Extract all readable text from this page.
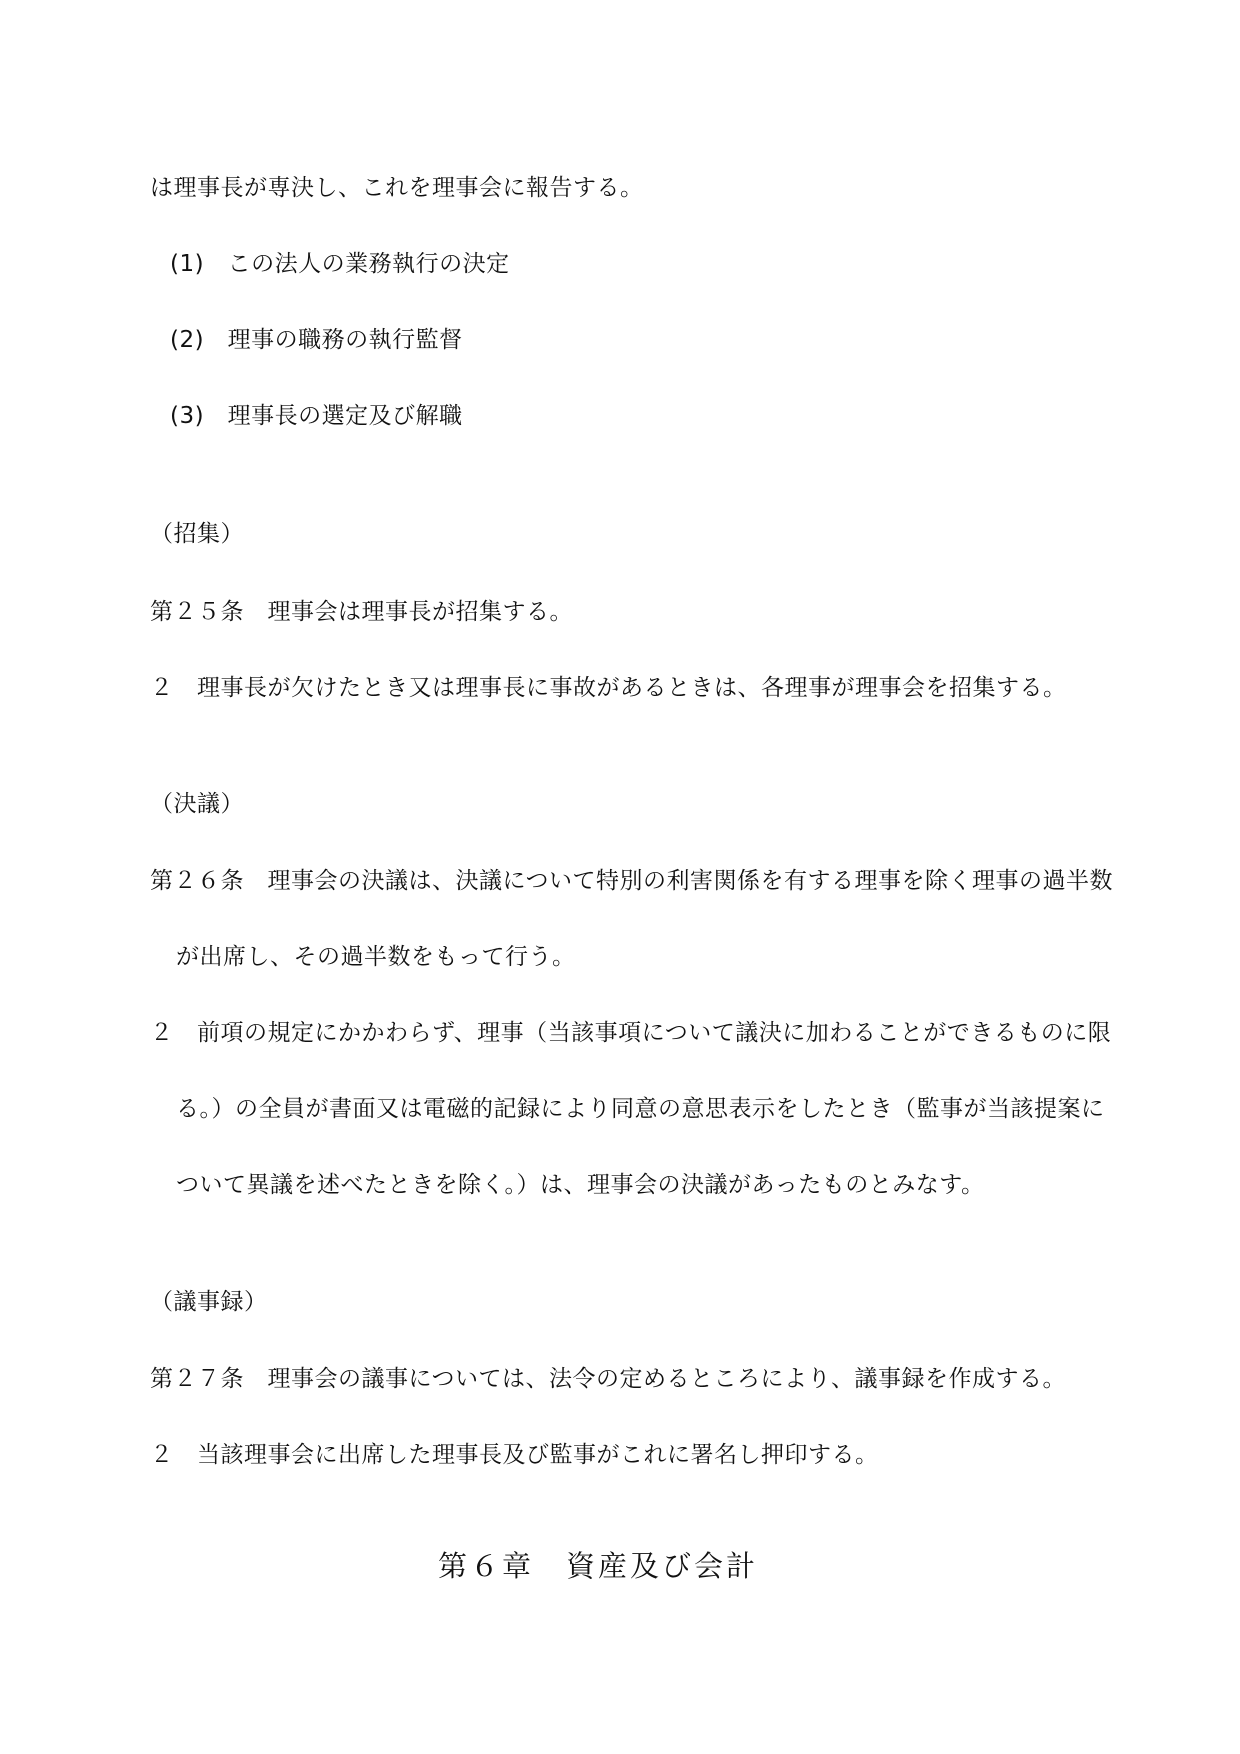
は理事長が専決し、これを理事会に報告する。
(1)　この法人の業務執行の決定
(2)　理事の職務の執行監督
(3)　理事長の選定及び解職
（招集）
第２５条　理事会は理事長が招集する。
２　理事長が欠けたとき又は理事長に事故があるときは、各理事が理事会を招集する。
（決議）
第２６条　理事会の決議は、決議について特別の利害関係を有する理事を除く理事の過半数
が出席し、その過半数をもって行う。
２　前項の規定にかかわらず、理事（当該事項について議決に加わることができるものに限
る。）の全員が書面又は電磁的記録により同意の意思表示をしたとき（監事が当該提案に
ついて異議を述べたときを除く。）は、理事会の決議があったものとみなす。
（議事録）
第２７条　理事会の議事については、法令の定めるところにより、議事録を作成する。
２　当該理事会に出席した理事長及び監事がこれに署名し押印する。
第６章　資産及び会計
